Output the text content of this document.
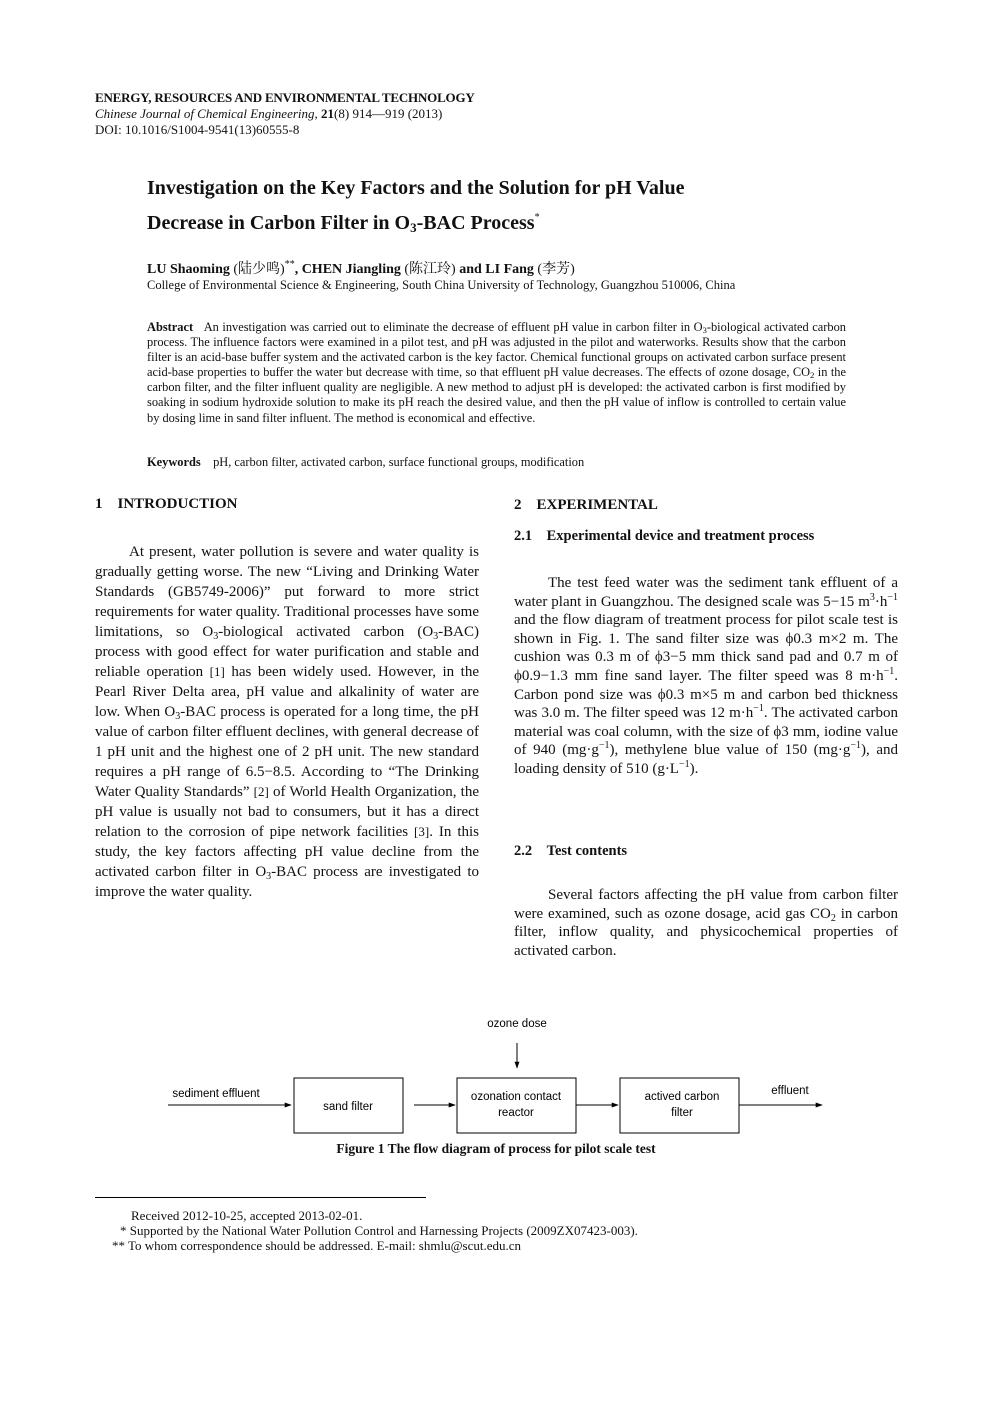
ENERGY, RESOURCES AND ENVIRONMENTAL TECHNOLOGY
Chinese Journal of Chemical Engineering, 21(8) 914—919 (2013)
DOI: 10.1016/S1004-9541(13)60555-8
Investigation on the Key Factors and the Solution for pH Value
Decrease in Carbon Filter in $O_3$-BAC Process*
LU Shaoming (陆少鸣)**, CHEN Jiangling (陈江玲) and LI Fang (李芳)
College of Environmental Science & Engineering, South China University of Technology, Guangzhou 510006, China
Abstract An investigation was carried out to eliminate the decrease of effluent pH value in carbon filter in $O_3$-biological activated carbon process. The influence factors were examined in a pilot test, and pH was adjusted in the pilot and waterworks. Results show that the carbon filter is an acid-base buffer system and the activated carbon is the key factor. Chemical functional groups on activated carbon surface present acid-base properties to buffer the water but decrease with time, so that effluent pH value decreases. The effects of ozone dosage, $CO_2$ in the carbon filter, and the filter influent quality are negligible. A new method to adjust pH is developed: the activated carbon is first modified by soaking in sodium hydroxide solution to make its pH reach the desired value, and then the pH value of inflow is controlled to certain value by dosing lime in sand filter influent. The method is economical and effective.
Keywords pH, carbon filter, activated carbon, surface functional groups, modification
1 INTRODUCTION

At present, water pollution is severe and water quality is gradually getting worse. The new “Living and Drinking Water Standards (GB5749-2006)” put forward to more strict requirements for water quality. Traditional processes have some limitations, so $O_3$-biological activated carbon $(O_3-BAC)$ process with good effect for water purification and stable and reliable operation [1] has been widely used. However, in the Pearl River Delta area, pH value and alkalinity of water are low. When $O_3$-BAC process is operated for a long time, the pH value of carbon filter effluent declines, with general decrease of 1 pH unit and the highest one of 2 pH unit. The new standard requires a pH range of 6.5−8.5. According to “The Drinking Water Quality Standards” [2] of World Health Organization, the pH value is usually not bad to consumers, but it has a direct relation to the corrosion of pipe network facilities [3]. In this study, the key factors affecting pH value decline from the activated carbon filter in $O_3$-BAC process are investigated to improve the water quality.

2 EXPERIMENTAL
2.1 Experimental device and treatment process

The test feed water was the sediment tank effluent of a water plant in Guangzhou. The designed scale was 5−15 $m^3\cdot h^{-1}$ and the flow diagram of treatment process for pilot scale test is shown in Fig. 1. The sand filter size was ϕ0.3 m×2 m. The cushion was 0.3 m of ϕ3−5 mm thick sand pad and 0.7 m of ϕ0.9−1.3 mm fine sand layer. The filter speed was 8 $m\cdot h^{-1}$. Carbon pond size was ϕ0.3 m×5 m and carbon bed thickness was 3.0 m. The filter speed was 12 $m\cdot h^{-1}$. The activated carbon material was coal column, with the size of ϕ3 mm, iodine value of 940 $(mg\cdot g^{-1})$, methylene blue value of 150 $(mg\cdot g^{-1})$, and loading density of 510 $(g\cdot L^{-1})$.

2.2 Test contents

Several factors affecting the pH value from carbon filter were examined, such as ozone dosage, acid gas $CO_2$ in carbon filter, inflow quality, and physicochemical properties of activated carbon.

ozone dose
sediment effluent
sand filter
ozonation contact
reactor
actived carbon
filter
effluent
Figure 1 The flow diagram of process for pilot scale test
Received 2012-10-25, accepted 2013-02-01.
* Supported by the National Water Pollution Control and Harnessing Projects (2009ZX07423-003).
** To whom correspondence should be addressed. E-mail: shmlu@scut.edu.cn
